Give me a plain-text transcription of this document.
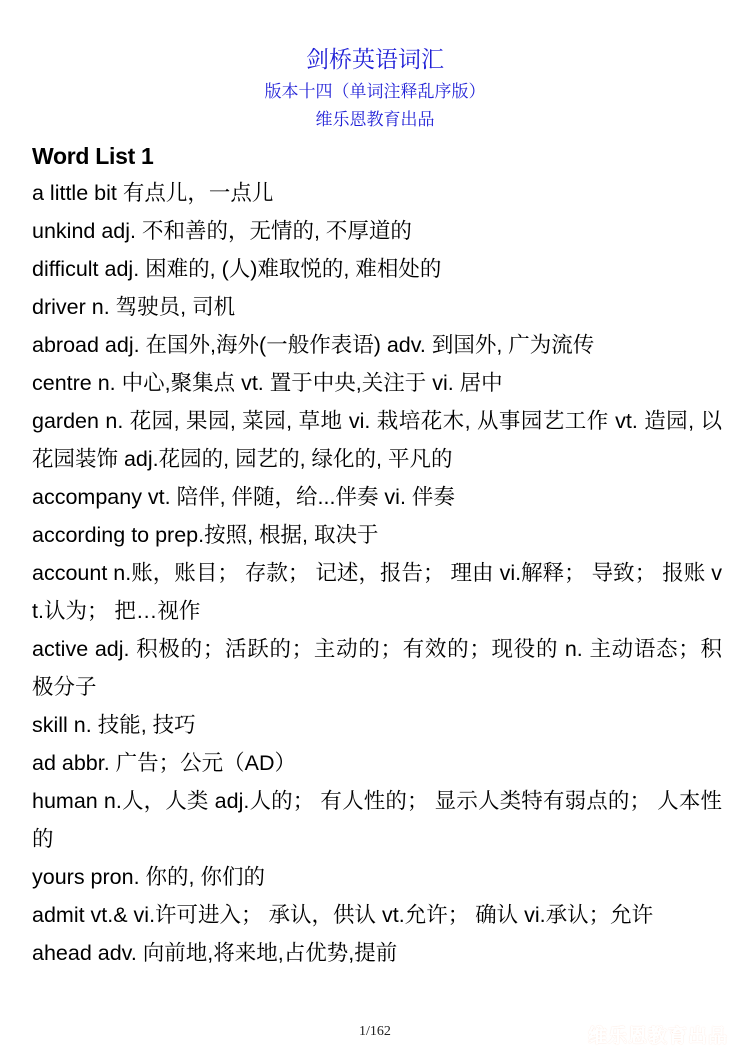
剑桥英语词汇
版本十四（单词注释乱序版）
维乐恩教育出品
Word List 1
a little bit 有点儿，一点儿
unkind adj. 不和善的，无情的, 不厚道的
difficult adj. 困难的, (人)难取悦的, 难相处的
driver n. 驾驶员, 司机
abroad adj. 在国外,海外(一般作表语) adv. 到国外, 广为流传
centre n. 中心,聚集点 vt. 置于中央,关注于 vi. 居中
garden n. 花园, 果园, 菜园, 草地 vi. 栽培花木, 从事园艺工作 vt. 造园, 以花园装饰 adj.花园的, 园艺的, 绿化的, 平凡的
accompany vt. 陪伴, 伴随，给...伴奏 vi. 伴奏
according to prep.按照, 根据, 取决于
account n.账，账目； 存款； 记述，报告； 理由 vi.解释； 导致； 报账 vt.认为； 把…视作
active adj. 积极的；活跃的；主动的；有效的；现役的 n. 主动语态；积极分子
skill n. 技能, 技巧
ad abbr. 广告；公元（AD）
human n.人，人类 adj.人的； 有人性的； 显示人类特有弱点的； 人本性的
yours pron. 你的, 你们的
admit vt.& vi.许可进入； 承认，供认 vt.允许； 确认 vi.承认；允许
ahead adv. 向前地,将来地,占优势,提前
1/162	维乐恩教育出品
